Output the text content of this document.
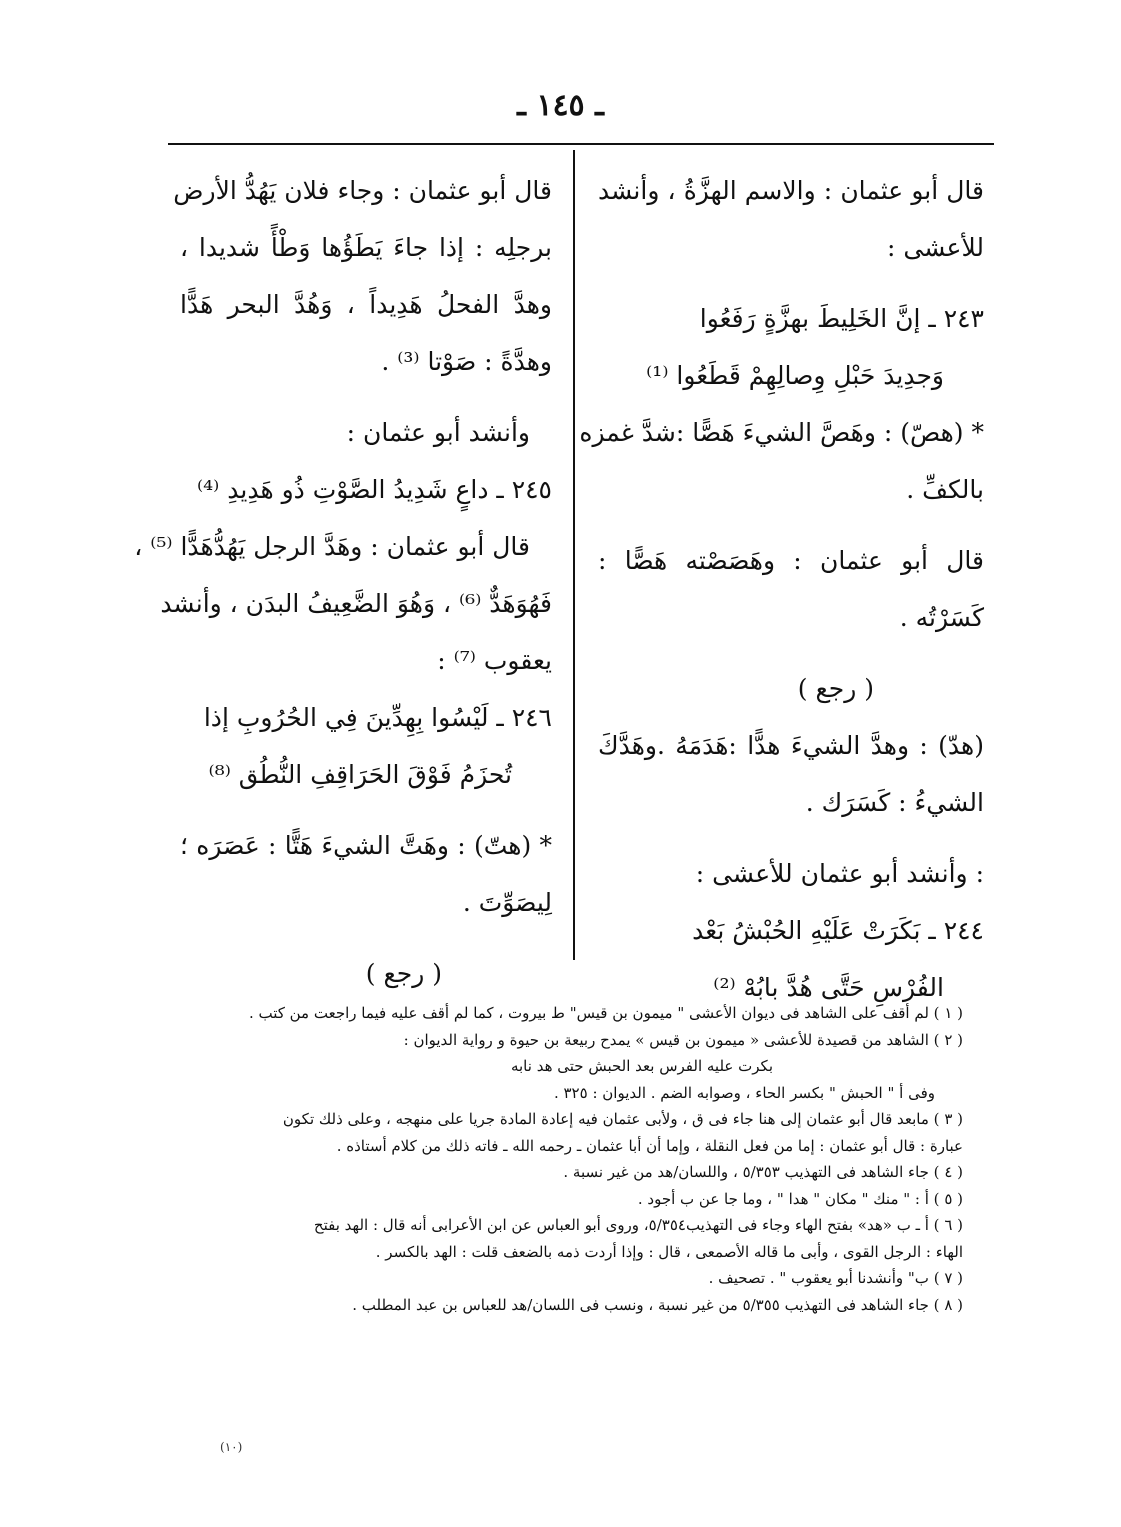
ـ ١٤٥ ـ
قال أبو عثمان : والاسم الهزَّةُ ، وأنشد
للأعشى :
٢٤٣ ـ إنَّ الخَلِيطَ بهزَّةٍ رَفَعُوا
وَجدِيدَ حَبْلِ وِصالِهِمْ قَطَعُوا ⁽¹⁾
* (هصّ) : وهَصَّ الشيءَ هَصًّا :شدَّ غمزه
بالكفِّ .
قال أبو عثمان : وهَصَصْته هَصًّا :
كَسَرْتُه .
( رجع )
(هدّ) : وهدَّ الشيءَ هدًّا :هَدَمَهُ .وهَدَّكَ
الشيءُ : كَسَرَك .
: وأنشد أبو عثمان للأعشى :
٢٤٤ ـ بَكَرَتْ عَلَيْهِ الحُبْشُ بَعْد
الفُرْسِ حَتَّى هُدَّ بابُهْ ⁽²⁾
قال أبو عثمان : وجاء فلان يَهُدُّ الأرض
برجلِه : إذا جاءَ يَطَؤُها وَطْأً شديدا ،
وهدَّ الفحلُ هَدِيداً ، وَهُدَّ البحر هَدًّا
وهدَّةً : صَوْتا ⁽³⁾ .
وأنشد أبو عثمان :
٢٤٥ ـ داعٍ شَدِيدُ الصَّوْتِ ذُو هَدِيدِ ⁽⁴⁾
قال أبو عثمان : وهَدَّ الرجل يَهُدُّهَدًّا ⁽⁵⁾ ،
فَهُوَهَدٌّ ⁽⁶⁾ ، وَهُوَ الضَّعِيفُ البدَن ، وأنشد
يعقوب ⁽⁷⁾ :
٢٤٦ ـ لَيْسُوا بِهِدِّينَ فِي الحُرُوبِ إذا
تُحزَمُ فَوْقَ الحَرَاقِفِ النُّطُق ⁽⁸⁾
* (هتّ) : وهَتَّ الشيءَ هَتًّا : عَصَرَه ؛
لِيصَوِّتَ .
( رجع )
( ١ ) لم أقف على الشاهد فى ديوان الأعشى " ميمون بن قيس" ط بيروت ، كما لم أقف عليه فيما راجعت من كتب .
( ٢ ) الشاهد من قصيدة للأعشى « ميمون بن قيس » يمدح ربيعة بن حيوة و رواية الديوان :
بكرت عليه الفرس بعد الحبش حتى هد نابه
وفى أ " الحبش " بكسر الحاء ، وصوابه الضم . الديوان : ٣٢٥ .
( ٣ ) مابعد قال أبو عثمان إلى هنا جاء فى ق ، ولأبى عثمان فيه إعادة المادة جريا على منهجه ، وعلى ذلك تكون
عبارة : قال أبو عثمان : إما من فعل النقلة ، وإما أن أبا عثمان ـ رحمه الله ـ فاته ذلك من كلام أستاذه .
( ٤ ) جاء الشاهد فى التهذيب ٥/٣٥٣ ، واللسان/هد من غير نسبة .
( ٥ ) أ : " منك " مكان " هدا " ، وما جا عن ب أجود .
( ٦ ) أ ـ ب «هد» بفتح الهاء وجاء فى التهذيب٥/٣٥٤، وروى أبو العباس عن ابن الأعرابى أنه قال : الهد بفتح
الهاء : الرجل القوى ، وأبى ما قاله الأصمعى ، قال : وإذا أردت ذمه بالضعف قلت : الهد بالكسر .
( ٧ ) ب" وأنشدنا أبو يعقوب " . تصحيف .
( ٨ ) جاء الشاهد فى التهذيب ٥/٣٥٥ من غير نسبة ، ونسب فى اللسان/هد للعباس بن عبد المطلب .
(١٠)
